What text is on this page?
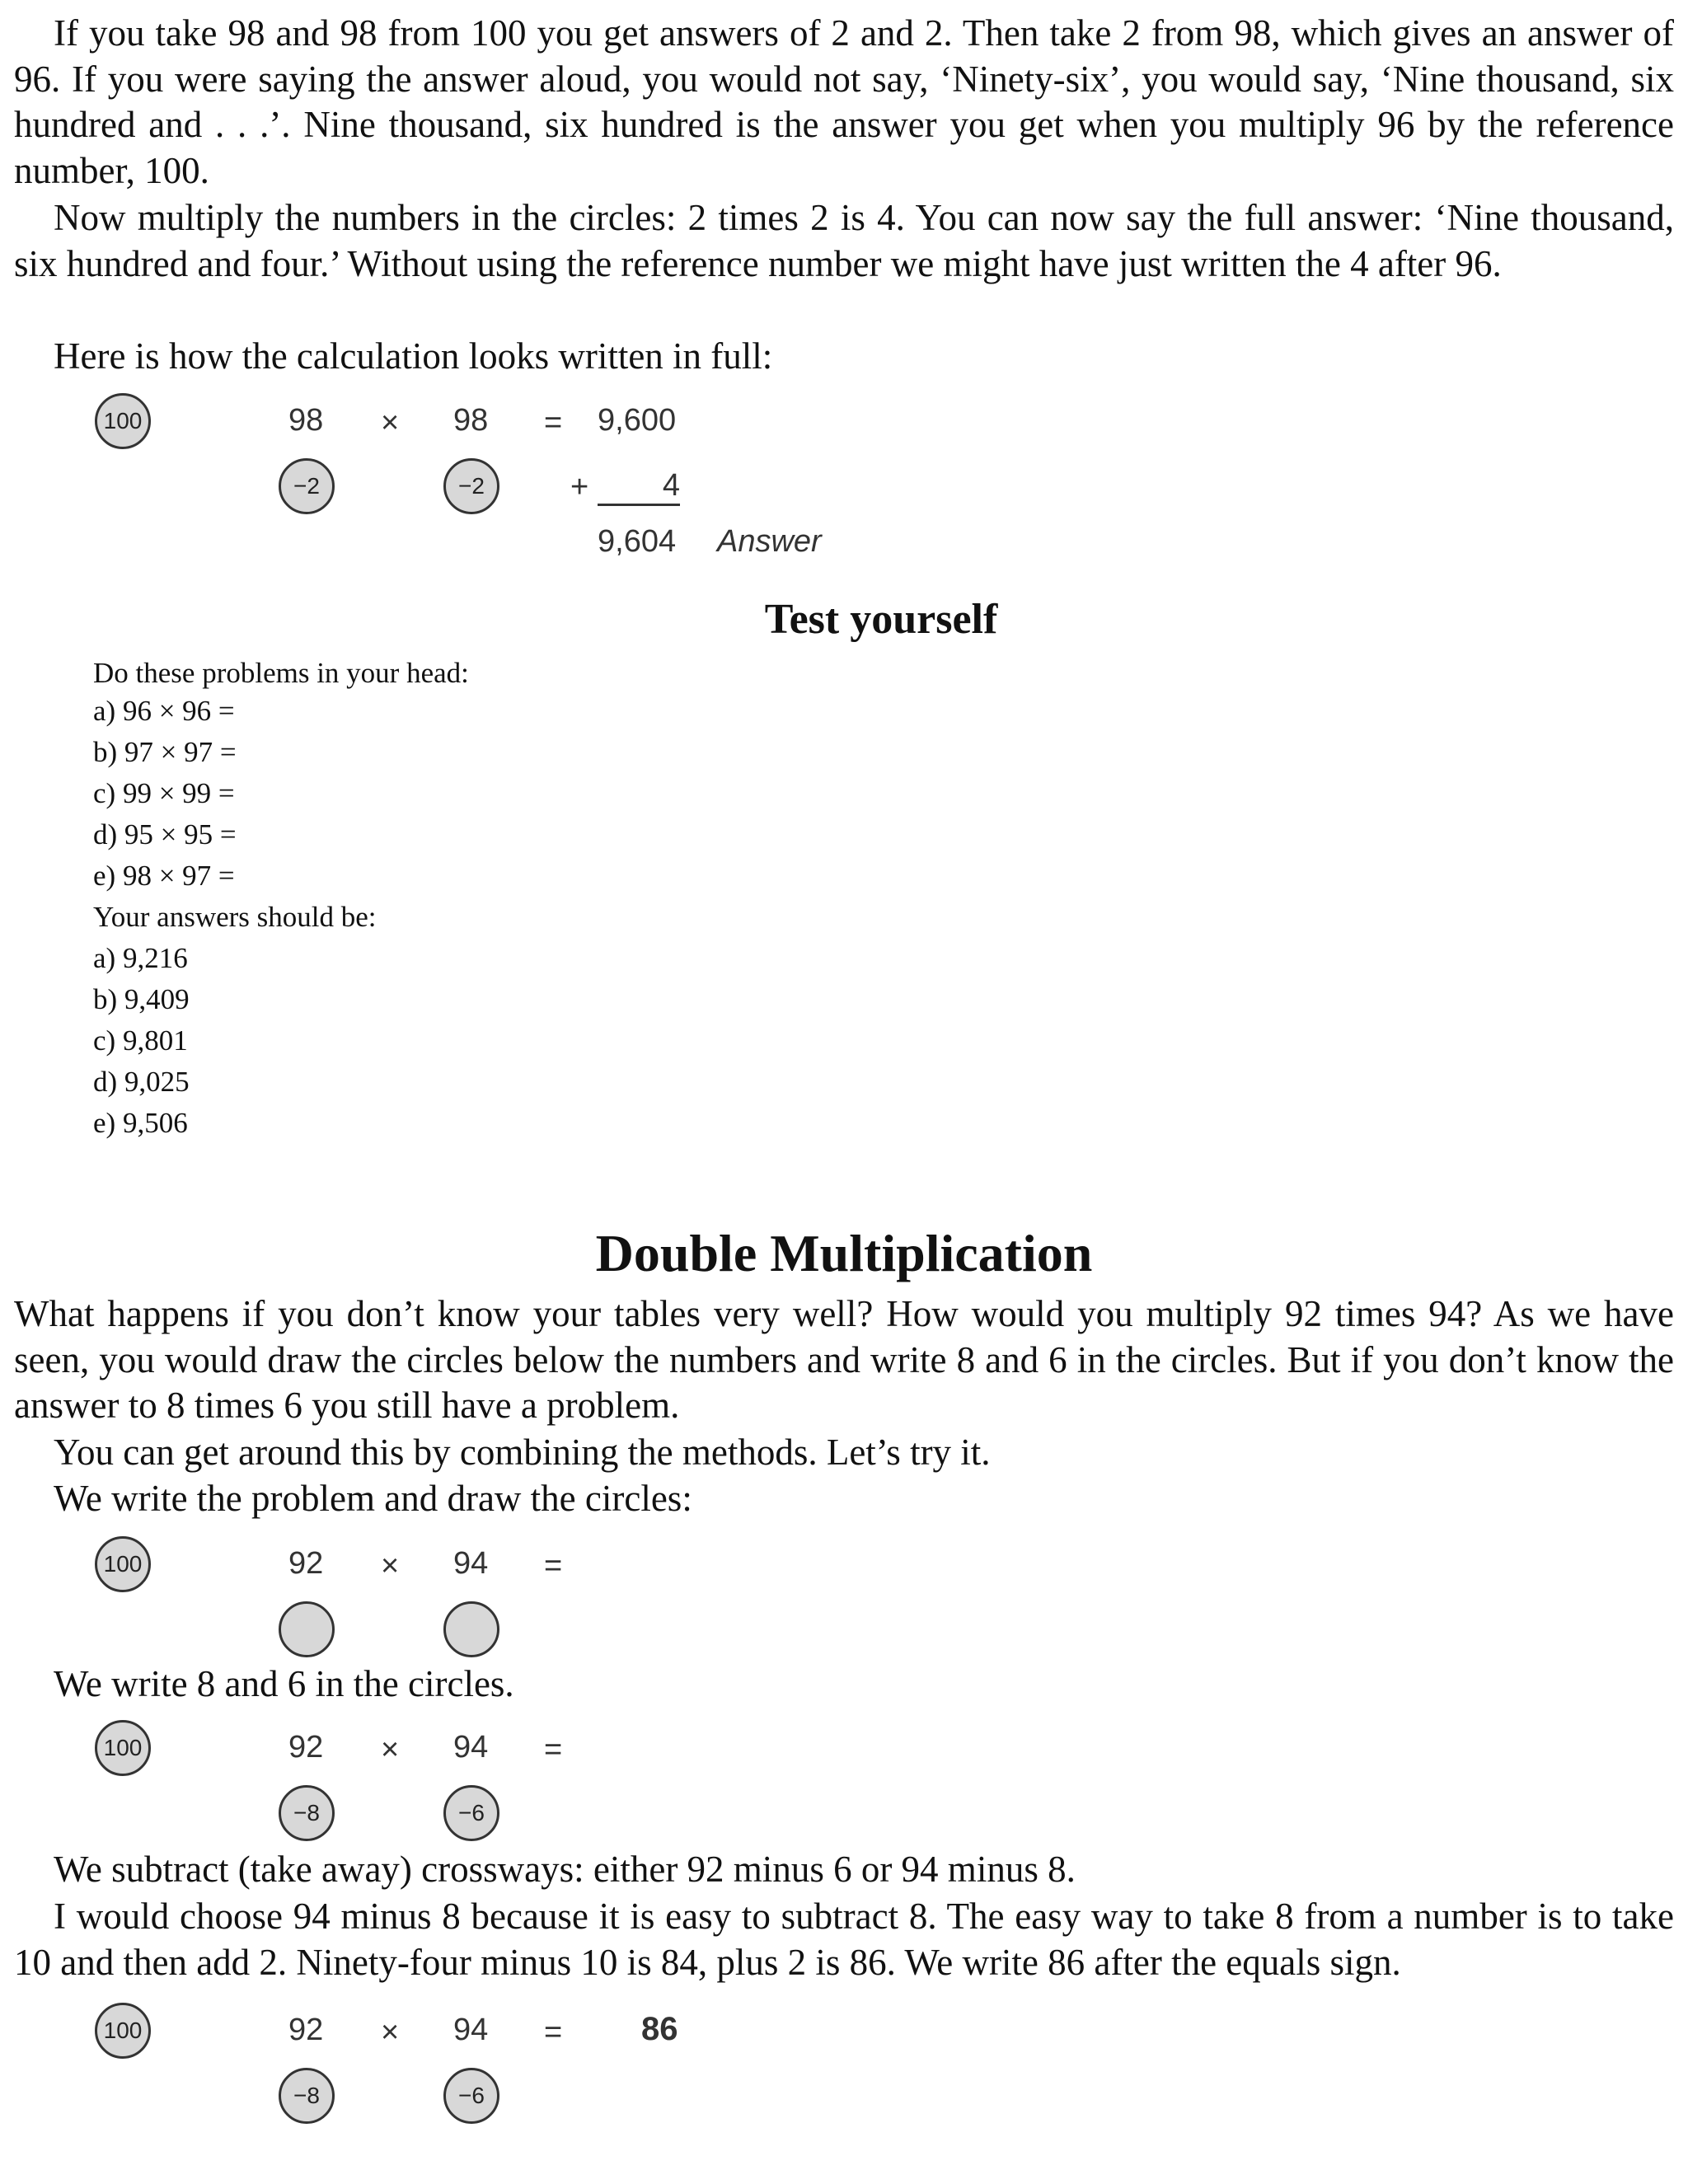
If you take 98 and 98 from 100 you get answers of 2 and 2. Then take 2 from 98, which gives an answer of 96. If you were saying the answer aloud, you would not say, ‘Ninety-six’, you would say, ‘Nine thousand, six hundred and . . .’. Nine thousand, six hundred is the answer you get when you multiply 96 by the reference number, 100.

Now multiply the numbers in the circles: 2 times 2 is 4. You can now say the full answer: ‘Nine thousand, six hundred and four.’ Without using the reference number we might have just written the 4 after 96.

Here is how the calculation looks written in full:

100	98 × 98 = 9,600
−2	−2	+	4
9,604 Answer
Test yourself

Do these problems in your head:

a) 96 × 96 =

b) 97 × 97 =

c) 99 × 99 =

d) 95 × 95 =

e) 98 × 97 =

Your answers should be:

a) 9,216

b) 9,409

c) 9,801

d) 9,025

e) 9,506

Double Multiplication

What happens if you don’t know your tables very well? How would you multiply 92 times 94? As we have seen, you would draw the circles below the numbers and write 8 and 6 in the circles. But if you don’t know the answer to 8 times 6 you still have a problem.

You can get around this by combining the methods. Let’s try it.

We write the problem and draw the circles:

100	92 × 94 =

We write 8 and 6 in the circles.

100	92 × 94 =
−8	−6

We subtract (take away) crossways: either 92 minus 6 or 94 minus 8.

I would choose 94 minus 8 because it is easy to subtract 8. The easy way to take 8 from a number is to take 10 and then add 2. Ninety-four minus 10 is 84, plus 2 is 86. We write 86 after the equals sign.

100	92 × 94 = 86
−8	−6
